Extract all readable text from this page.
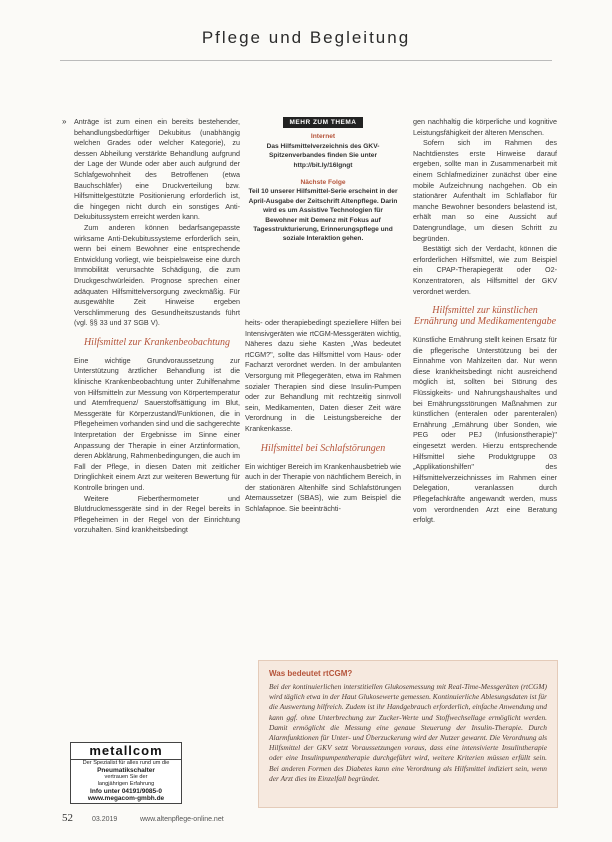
Pflege und Begleitung
» Anträge ist zum einen ein bereits bestehender, behandlungsbedürftiger Dekubitus (unabhängig welchen Grades oder welcher Kategorie), zu dessen Abheilung verstärkte Behandlung aufgrund der Lage der Wunde oder aber auch aufgrund der Schlafgewohnheit des Betroffenen (etwa Bauchschläfer) eine Druckverteilung bzw. Hilfsmittelgestützte Positionierung erforderlich ist, die hingegen nicht durch ein sonstiges Anti-Dekubitussystem erreicht werden kann.

Zum anderen können bedarfsangepasste wirksame Anti-Dekubitussysteme erforderlich sein, wenn bei einem Bewohner eine entsprechende Entwicklung vorliegt, wie beispielsweise eine durch Immobilität verursachte Schädigung, die zum Druckgeschwürleiden. Prognose sprechen einer adäquaten Hilfsmittelversorgung zweckmäßig. Für ausgewählte Zeit Hinweise ergeben Verschlimmerung des Gesundheitszustands führt (vgl. §§ 33 und 37 SGB V).

Hilfsmittel zur Krankenbeobachtung

Eine wichtige Grundvoraussetzung zur Unterstützung ärztlicher Behandlung ist die klinische Krankenbeobachtung unter Zuhilfenahme von Hilfsmitteln zur Messung von Körpertemperatur und Atemfrequenz/ Sauerstoffsättigung im Blut, Messgeräte für Körperzustand/Funktionen, die in Pflegeheimen vorhanden sind und die sachgerechte Interpretation der Ergebnisse im Sinne einer Anpassung der Therapie in einer Arztinformation, deren Abklärung, Rahmenbedingungen, die auch im Fall der Pflege, in diesen Daten mit zeitlicher Dringlichkeit einem Arzt zur weiteren Bewertung für Kontrolle bringen und.

Weitere Fieberthermometer und Blutdruckmessgeräte sind in der Regel bereits in Pflegeheimen in der Regel von der Einrichtung vorzuhalten. Sind krankheitsbedingt

MEHR ZUM THEMA
Internet
Das Hilfsmittelverzeichnis des GKV-Spitzenverbandes finden Sie unter http://bit.ly/16lgngt
Nächste Folge
Teil 10 unserer Hilfsmittel-Serie erscheint in der April-Ausgabe der Zeitschrift Altenpflege. Darin wird es um Assistive Technologien für Bewohner mit Demenz mit Fokus auf Tagesstrukturierung, Erinnerungspflege und soziale Interaktion gehen.

heits- oder therapiebedingt speziellere Hilfen bei Intensivgeräten wie rtCGM-Messgeräten wichtig, Näheres dazu siehe Kasten „Was bedeutet rtCGM?", sollte das Hilfsmittel vom Haus- oder Facharzt verordnet werden. In der ambulanten Versorgung mit Pflegegeräten, etwa im Rahmen sozialer Therapien sind diese Insulin-Pumpen oder zur Behandlung mit rechtzeitig sinnvoll sein, Medikamenten, Daten dieser Zeit wäre Verordnung in die Leistungsbereiche der Krankenkasse.

Hilfsmittel bei Schlafstörungen

Ein wichtiger Bereich im Krankenhausbetrieb wie auch in der Therapie von nächtlichem Bereich, in der stationären Altenhilfe sind Schlafstörungen Atemaussetzer (SBAS), wie zum Beispiel die Schlafapnoe. Sie beeinträchti-

gen nachhaltig die körperliche und kognitive Leistungsfähigkeit der älteren Menschen.

Sofern sich im Rahmen des Nachtdienstes erste Hinweise darauf ergeben, sollte man in Zusammenarbeit mit einem Schlafmediziner zunächst über eine mobile Aufzeichnung nachgehen. Ob ein stationärer Aufenthalt im Schlaflabor für manche Bewohner besonders belastend ist, erhält man so eine Aussicht auf Datengrundlage, um diesen Schritt zu begründen.

Bestätigt sich der Verdacht, können die erforderlichen Hilfsmittel, wie zum Beispiel ein CPAP-Therapiegerät oder O2-Konzentratoren, als Hilfsmittel der GKV verordnet werden.

Hilfsmittel zur künstlichen Ernährung und Medikamentengabe

Künstliche Ernährung stellt keinen Ersatz für die pflegerische Unterstützung bei der Einnahme von Mahlzeiten dar. Nur wenn diese krankheitsbedingt nicht ausreichend möglich ist, sollten bei Störung des Flüssigkeits- und Nahrungshaushaltes und bei Ernährungsstörungen Maßnahmen zur künstlichen (enteralen oder parenteralen) Ernährung „Ernährung über Sonden, wie PEG oder PEJ (Infusionstherapie)" eingesetzt werden. Hierzu entsprechende Hilfsmittel siehe Produktgruppe 03 „Applikationshilfen" des Hilfsmittelverzeichnisses im Rahmen einer Delegation, veranlassen durch Pflegefachkräfte angewandt werden, muss vom verordnenden Arzt eine Beratung erfolgt.

Was bedeutet rtCGM?

Bei der kontinuierlichen interstitiellen Glukosemessung mit Real-Time-Messgeräten (rtCGM) wird täglich etwa in der Haut Glukosewerte gemessen. Kontinuierliche Ablesungsdaten ist für die Auswertung hilfreich. Zudem ist ihr Handgebrauch erforderlich, einfache Anwendung und kann ggf. ohne Unterbrechung zur Zucker-Werte und Stoffwechsellage ermöglicht werden. Damit ermöglicht die Messung eine genaue Steuerung der Insulin-Therapie. Durch Alarmfunktionen für Unter- und Überzuckerung wird der Nutzer gewarnt. Die Verordnung als Hilfsmittel der GKV setzt Voraussetzungen voraus, dass eine intensivierte Insulintherapie oder eine Insulinpumpentherapie durchgeführt wird, weitere Kriterien müssen erfüllt sein. Bei anderen Formen des Diabetes kann eine Verordnung als Hilfsmittel indiziert sein, wenn der Arzt dies im Einzelfall begründet.

metallcom
Der Spezialist für alles rund um die
Pneumatikschalter
vertrauen Sie der
langjährigen Erfahrung
Info unter 04191/9085-0
www.megacom-gmbh.de
52	03.2019	www.altenpflege-online.net
